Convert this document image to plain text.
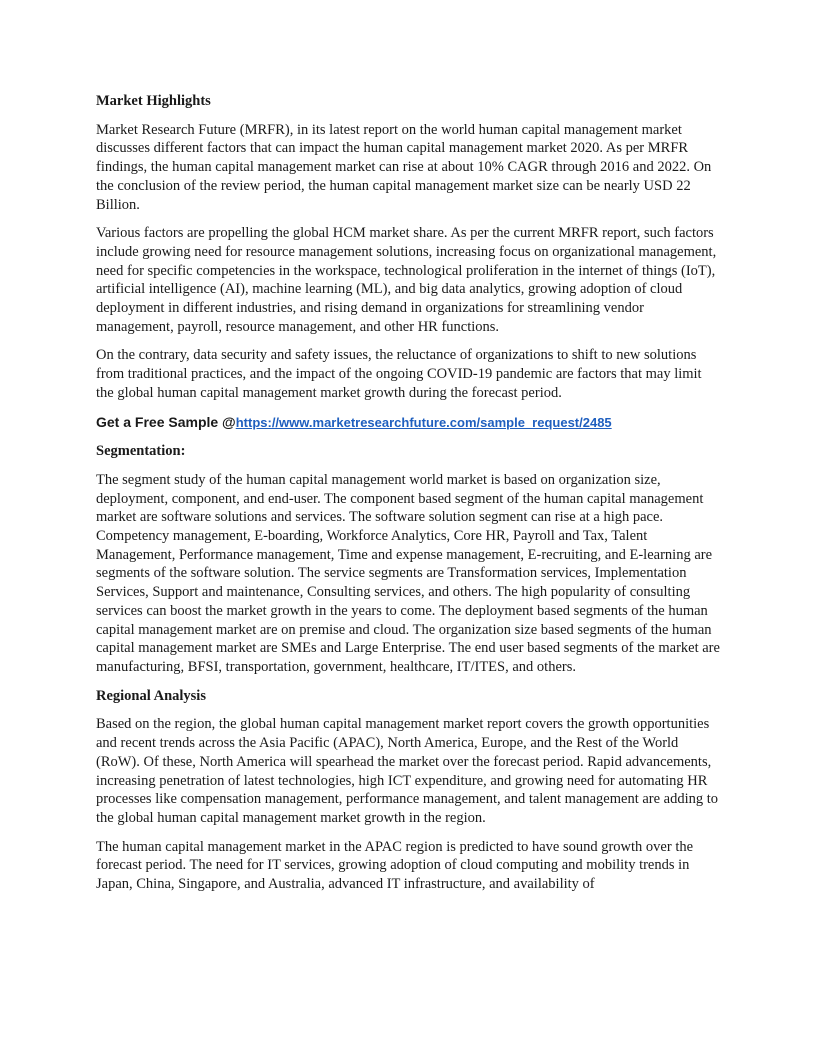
Market Highlights
Market Research Future (MRFR), in its latest report on the world human capital management market discusses different factors that can impact the human capital management market 2020. As per MRFR findings, the human capital management market can rise at about 10% CAGR through 2016 and 2022. On the conclusion of the review period, the human capital management market size can be nearly USD 22 Billion.
Various factors are propelling the global HCM market share. As per the current MRFR report, such factors include growing need for resource management solutions, increasing focus on organizational management, need for specific competencies in the workspace, technological proliferation in the internet of things (IoT), artificial intelligence (AI), machine learning (ML), and big data analytics, growing adoption of cloud deployment in different industries, and rising demand in organizations for streamlining vendor management, payroll, resource management, and other HR functions.
On the contrary, data security and safety issues, the reluctance of organizations to shift to new solutions from traditional practices, and the impact of the ongoing COVID-19 pandemic are factors that may limit the global human capital management market growth during the forecast period.
Get a Free Sample @https://www.marketresearchfuture.com/sample_request/2485
Segmentation:
The segment study of the human capital management world market is based on organization size, deployment, component, and end-user. The component based segment of the human capital management market are software solutions and services. The software solution segment can rise at a high pace. Competency management, E-boarding, Workforce Analytics, Core HR, Payroll and Tax, Talent Management, Performance management, Time and expense management, E-recruiting, and E-learning are segments of the software solution. The service segments are Transformation services, Implementation Services, Support and maintenance, Consulting services, and others. The high popularity of consulting services can boost the market growth in the years to come. The deployment based segments of the human capital management market are on premise and cloud. The organization size based segments of the human capital management market are SMEs and Large Enterprise. The end user based segments of the market are manufacturing, BFSI, transportation, government, healthcare, IT/ITES, and others.
Regional Analysis
Based on the region, the global human capital management market report covers the growth opportunities and recent trends across the Asia Pacific (APAC), North America, Europe, and the Rest of the World (RoW). Of these, North America will spearhead the market over the forecast period. Rapid advancements, increasing penetration of latest technologies, high ICT expenditure, and growing need for automating HR processes like compensation management, performance management, and talent management are adding to the global human capital management market growth in the region.
The human capital management market in the APAC region is predicted to have sound growth over the forecast period. The need for IT services, growing adoption of cloud computing and mobility trends in Japan, China, Singapore, and Australia, advanced IT infrastructure, and availability of
